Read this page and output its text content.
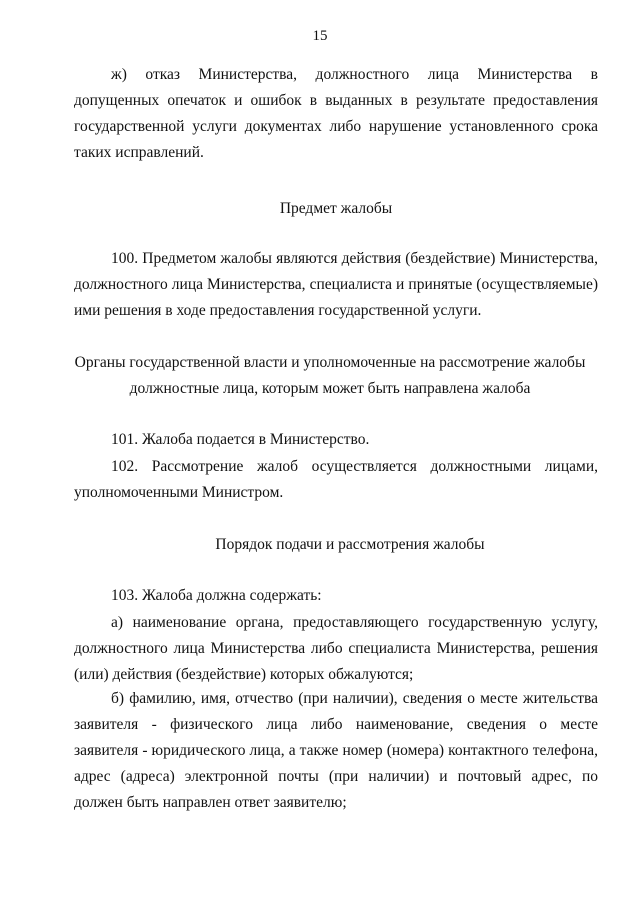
15
ж) отказ Министерства, должностного лица Министерства в
допущенных опечаток и ошибок в выданных в результате предоставления
государственной услуги документах либо нарушение установленного срока
таких исправлений.
Предмет жалобы
100. Предметом жалобы являются действия (бездействие) Министерства,
должностного лица Министерства, специалиста и принятые (осуществляемые)
ими решения в ходе предоставления государственной услуги.
Органы государственной власти и уполномоченные на рассмотрение жалобы
должностные лица, которым может быть направлена жалоба
101. Жалоба подается в Министерство.
102. Рассмотрение жалоб осуществляется должностными лицами,
уполномоченными Министром.
Порядок подачи и рассмотрения жалобы
103. Жалоба должна содержать:
а) наименование органа, предоставляющего государственную услугу,
должностного лица Министерства либо специалиста Министерства, решения
(или) действия (бездействие) которых обжалуются;
б) фамилию, имя, отчество (при наличии), сведения о месте жительства
заявителя - физического лица либо наименование, сведения о месте
заявителя - юридического лица, а также номер (номера) контактного телефона,
адрес (адреса) электронной почты (при наличии) и почтовый адрес, по
должен быть направлен ответ заявителю;
